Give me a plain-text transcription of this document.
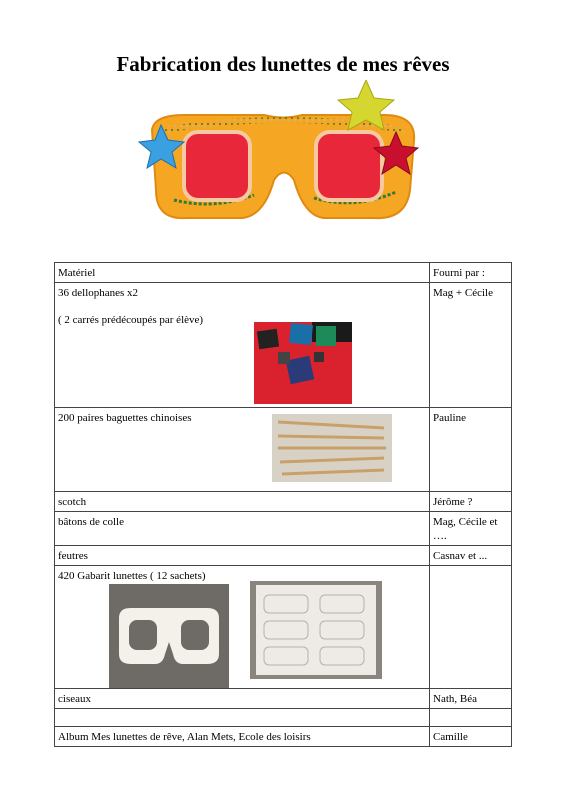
Fabrication des lunettes de mes rêves
Matériel	Fourni par :

36 dellophanes x2

( 2 carrés prédécoupés par élève)	Mag + Cécile

200 paires baguettes chinoises	Pauline
scotch	Jérôme ?
bâtons de colle	Mag, Cécile et

….

feutres	Casnav et ...

420 Gabarit lunettes ( 12 sachets)	

ciseaux	Nath, Béa

Album Mes lunettes de rêve, Alan Mets, Ecole des loisirs	Camille
